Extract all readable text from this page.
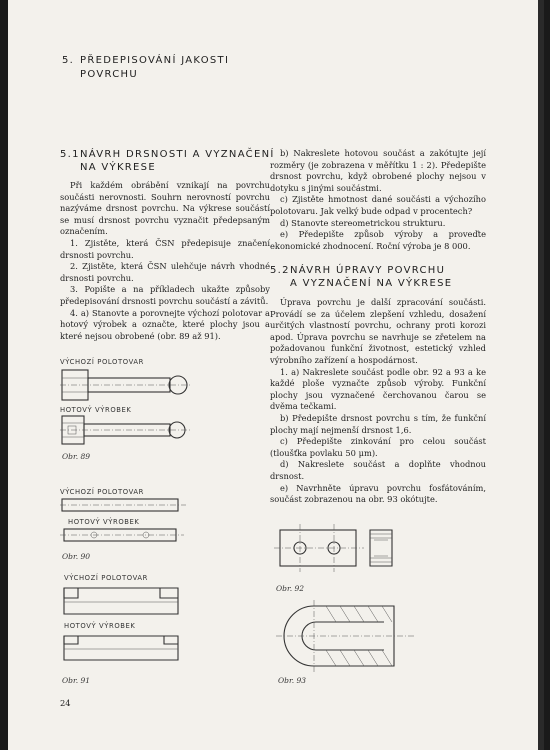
5. PŘEDEPISOVÁNÍ JAKOSTI
POVRCHU
5.1 NÁVRH DRSNOSTI A VYZNAČENÍ
NA VÝKRESE

Při každém obrábění vznikají na povrchu součásti nerovnosti. Souhrn nerovností povrchu nazýváme drsnost povrchu. Na výkrese součástí se musí drsnost povrchu vyznačit předepsaným označením.

1. Zjistěte, která ČSN předepisuje značení drsnosti povrchu.

2. Zjistěte, která ČSN ulehčuje návrh vhodné drsnosti povrchu.

3. Popište a na příkladech ukažte způsoby předepisování drsnosti povrchu součástí a závitů.

4. a) Stanovte a porovnejte výchozí polotovar a hotový výrobek a označte, které plochy jsou a které nejsou obrobené (obr. 89 až 91).

VÝCHOZÍ POLOTOVAR
HOTOVÝ VÝROBEK
Obr. 89
VÝCHOZÍ POLOTOVAR
HOTOVÝ VÝROBEK
Obr. 90
VÝCHOZÍ POLOTOVAR
HOTOVÝ VÝROBEK
Obr. 91
24

b) Nakreslete hotovou součást a zakótujte její rozměry (je zobrazena v měřítku 1 : 2). Předepište drsnost povrchu, když obrobené plochy nejsou v dotyku s jinými součástmi.

c) Zjistěte hmotnost dané součásti a výchozího polotovaru. Jak velký bude odpad v procentech?

d) Stanovte stereometrickou strukturu.

e) Předepište způsob výroby a proveďte ekonomické zhodnocení. Roční výroba je 8 000.

5.2 NÁVRH ÚPRAVY POVRCHU
A VYZNAČENÍ NA VÝKRESE

Úprava povrchu je další zpracování součásti. Provádí se za účelem zlepšení vzhledu, dosažení určitých vlastností povrchu, ochrany proti korozi apod. Úprava povrchu se navrhuje se zřetelem na požadovanou funkční životnost, estetický vzhled výrobního zařízení a hospodárnost.

1. a) Nakreslete součást podle obr. 92 a 93 a ke každé ploše vyznačte způsob výroby. Funkční plochy jsou vyznačené čerchovanou čarou se dvěma tečkami.

b) Předepište drsnost povrchu s tím, že funkční plochy mají nejmenší drsnost 1,6.

c) Předepište zinkování pro celou součást (tloušťka povlaku 50 μm).

d) Nakreslete součást a doplňte vhodnou drsnost.

e) Navrhněte úpravu povrchu fosfátováním, součást zobrazenou na obr. 93 okótujte.

Obr. 92
Obr. 93
